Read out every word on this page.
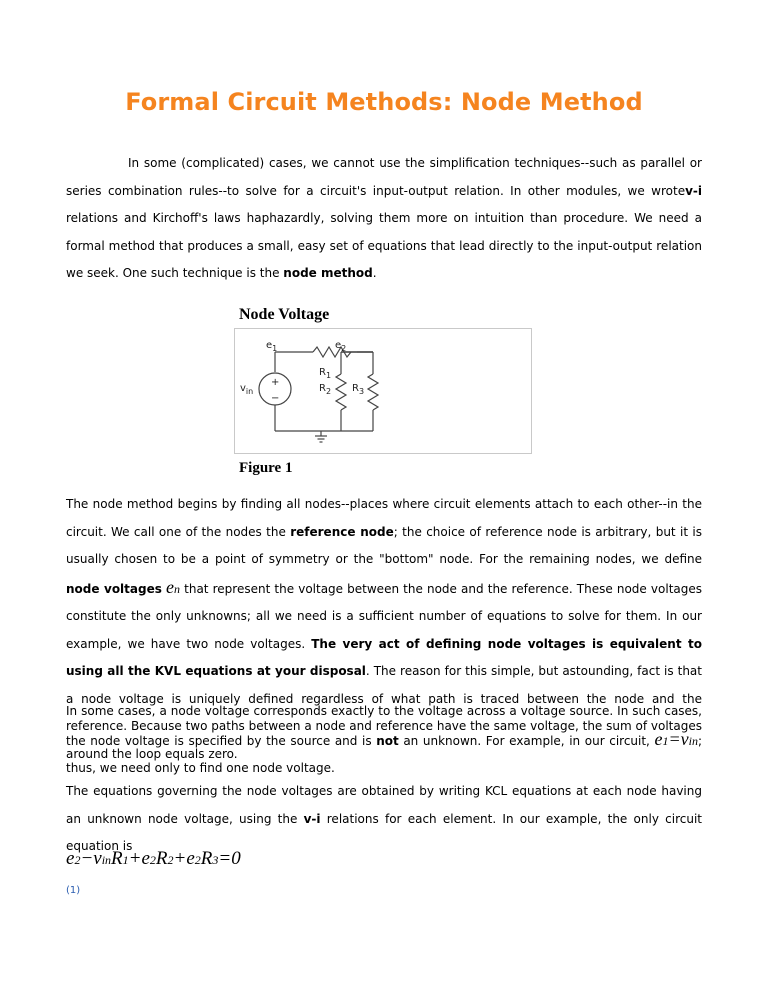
Formal Circuit Methods: Node Method
In some (complicated) cases, we cannot use the simplification techniques--such as parallel or series combination rules--to solve for a circuit's input-output relation. In other modules, we wrotev-i relations and Kirchoff's laws haphazardly, solving them more on intuition than procedure. We need a formal method that produces a small, easy set of equations that lead directly to the input-output relation we seek. One such technique is the node method.
Node Voltage
$e_1$	$e_2$
$R_1$
$R_2$ $R_3$
$v_{in}$
+
−
Figure 1
The node method begins by finding all nodes--places where circuit elements attach to each other--in the circuit. We call one of the nodes the reference node; the choice of reference node is arbitrary, but it is usually chosen to be a point of symmetry or the "bottom" node. For the remaining nodes, we define node voltages en that represent the voltage between the node and the reference. These node voltages constitute the only unknowns; all we need is a sufficient number of equations to solve for them. In our example, we have two node voltages. The very act of defining node voltages is equivalent to using all the KVL equations at your disposal. The reason for this simple, but astounding, fact is that a node voltage is uniquely defined regardless of what path is traced between the node and the reference. Because two paths between a node and reference have the same voltage, the sum of voltages around the loop equals zero.
In some cases, a node voltage corresponds exactly to the voltage across a voltage source. In such cases, the node voltage is specified by the source and is not an unknown. For example, in our circuit, e1=vin; thus, we need only to find one node voltage.
The equations governing the node voltages are obtained by writing KCL equations at each node having an unknown node voltage, using the v-i relations for each element. In our example, the only circuit equation is
e2−vinR1+e2R2+e2R3=0
(1)
